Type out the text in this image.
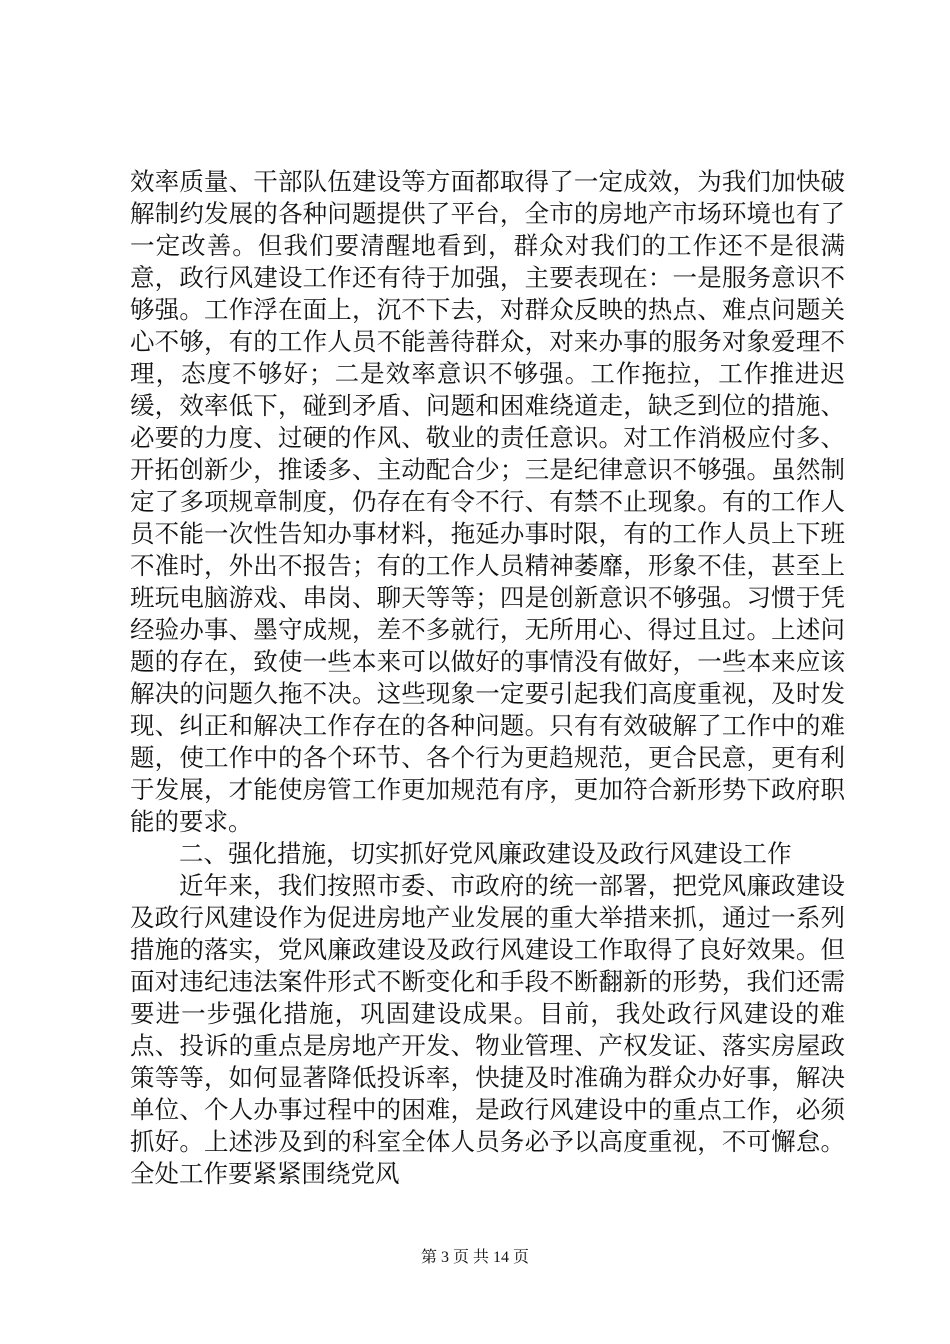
效率质量、干部队伍建设等方面都取得了一定成效，为我们加快破解制约发展的各种问题提供了平台，全市的房地产市场环境也有了一定改善。但我们要清醒地看到，群众对我们的工作还不是很满意，政行风建设工作还有待于加强，主要表现在：一是服务意识不够强。工作浮在面上，沉不下去，对群众反映的热点、难点问题关心不够，有的工作人员不能善待群众，对来办事的服务对象爱理不理，态度不够好；二是效率意识不够强。工作拖拉，工作推进迟缓，效率低下，碰到矛盾、问题和困难绕道走，缺乏到位的措施、必要的力度、过硬的作风、敬业的责任意识。对工作消极应付多、开拓创新少，推诿多、主动配合少；三是纪律意识不够强。虽然制定了多项规章制度，仍存在有令不行、有禁不止现象。有的工作人员不能一次性告知办事材料，拖延办事时限，有的工作人员上下班不准时，外出不报告；有的工作人员精神萎靡，形象不佳，甚至上班玩电脑游戏、串岗、聊天等等；四是创新意识不够强。习惯于凭经验办事、墨守成规，差不多就行，无所用心、得过且过。上述问题的存在，致使一些本来可以做好的事情没有做好，一些本来应该解决的问题久拖不决。这些现象一定要引起我们高度重视，及时发现、纠正和解决工作存在的各种问题。只有有效破解了工作中的难题，使工作中的各个环节、各个行为更趋规范，更合民意，更有利于发展，才能使房管工作更加规范有序，更加符合新形势下政府职能的要求。

二、强化措施，切实抓好党风廉政建设及政行风建设工作

近年来，我们按照市委、市政府的统一部署，把党风廉政建设及政行风建设作为促进房地产业发展的重大举措来抓，通过一系列措施的落实，党风廉政建设及政行风建设工作取得了良好效果。但面对违纪违法案件形式不断变化和手段不断翻新的形势，我们还需要进一步强化措施，巩固建设成果。目前，我处政行风建设的难点、投诉的重点是房地产开发、物业管理、产权发证、落实房屋政策等等，如何显著降低投诉率，快捷及时准确为群众办好事，解决单位、个人办事过程中的困难，是政行风建设中的重点工作，必须抓好。上述涉及到的科室全体人员务必予以高度重视，不可懈怠。全处工作要紧紧围绕党风

第 3 页 共 14 页
